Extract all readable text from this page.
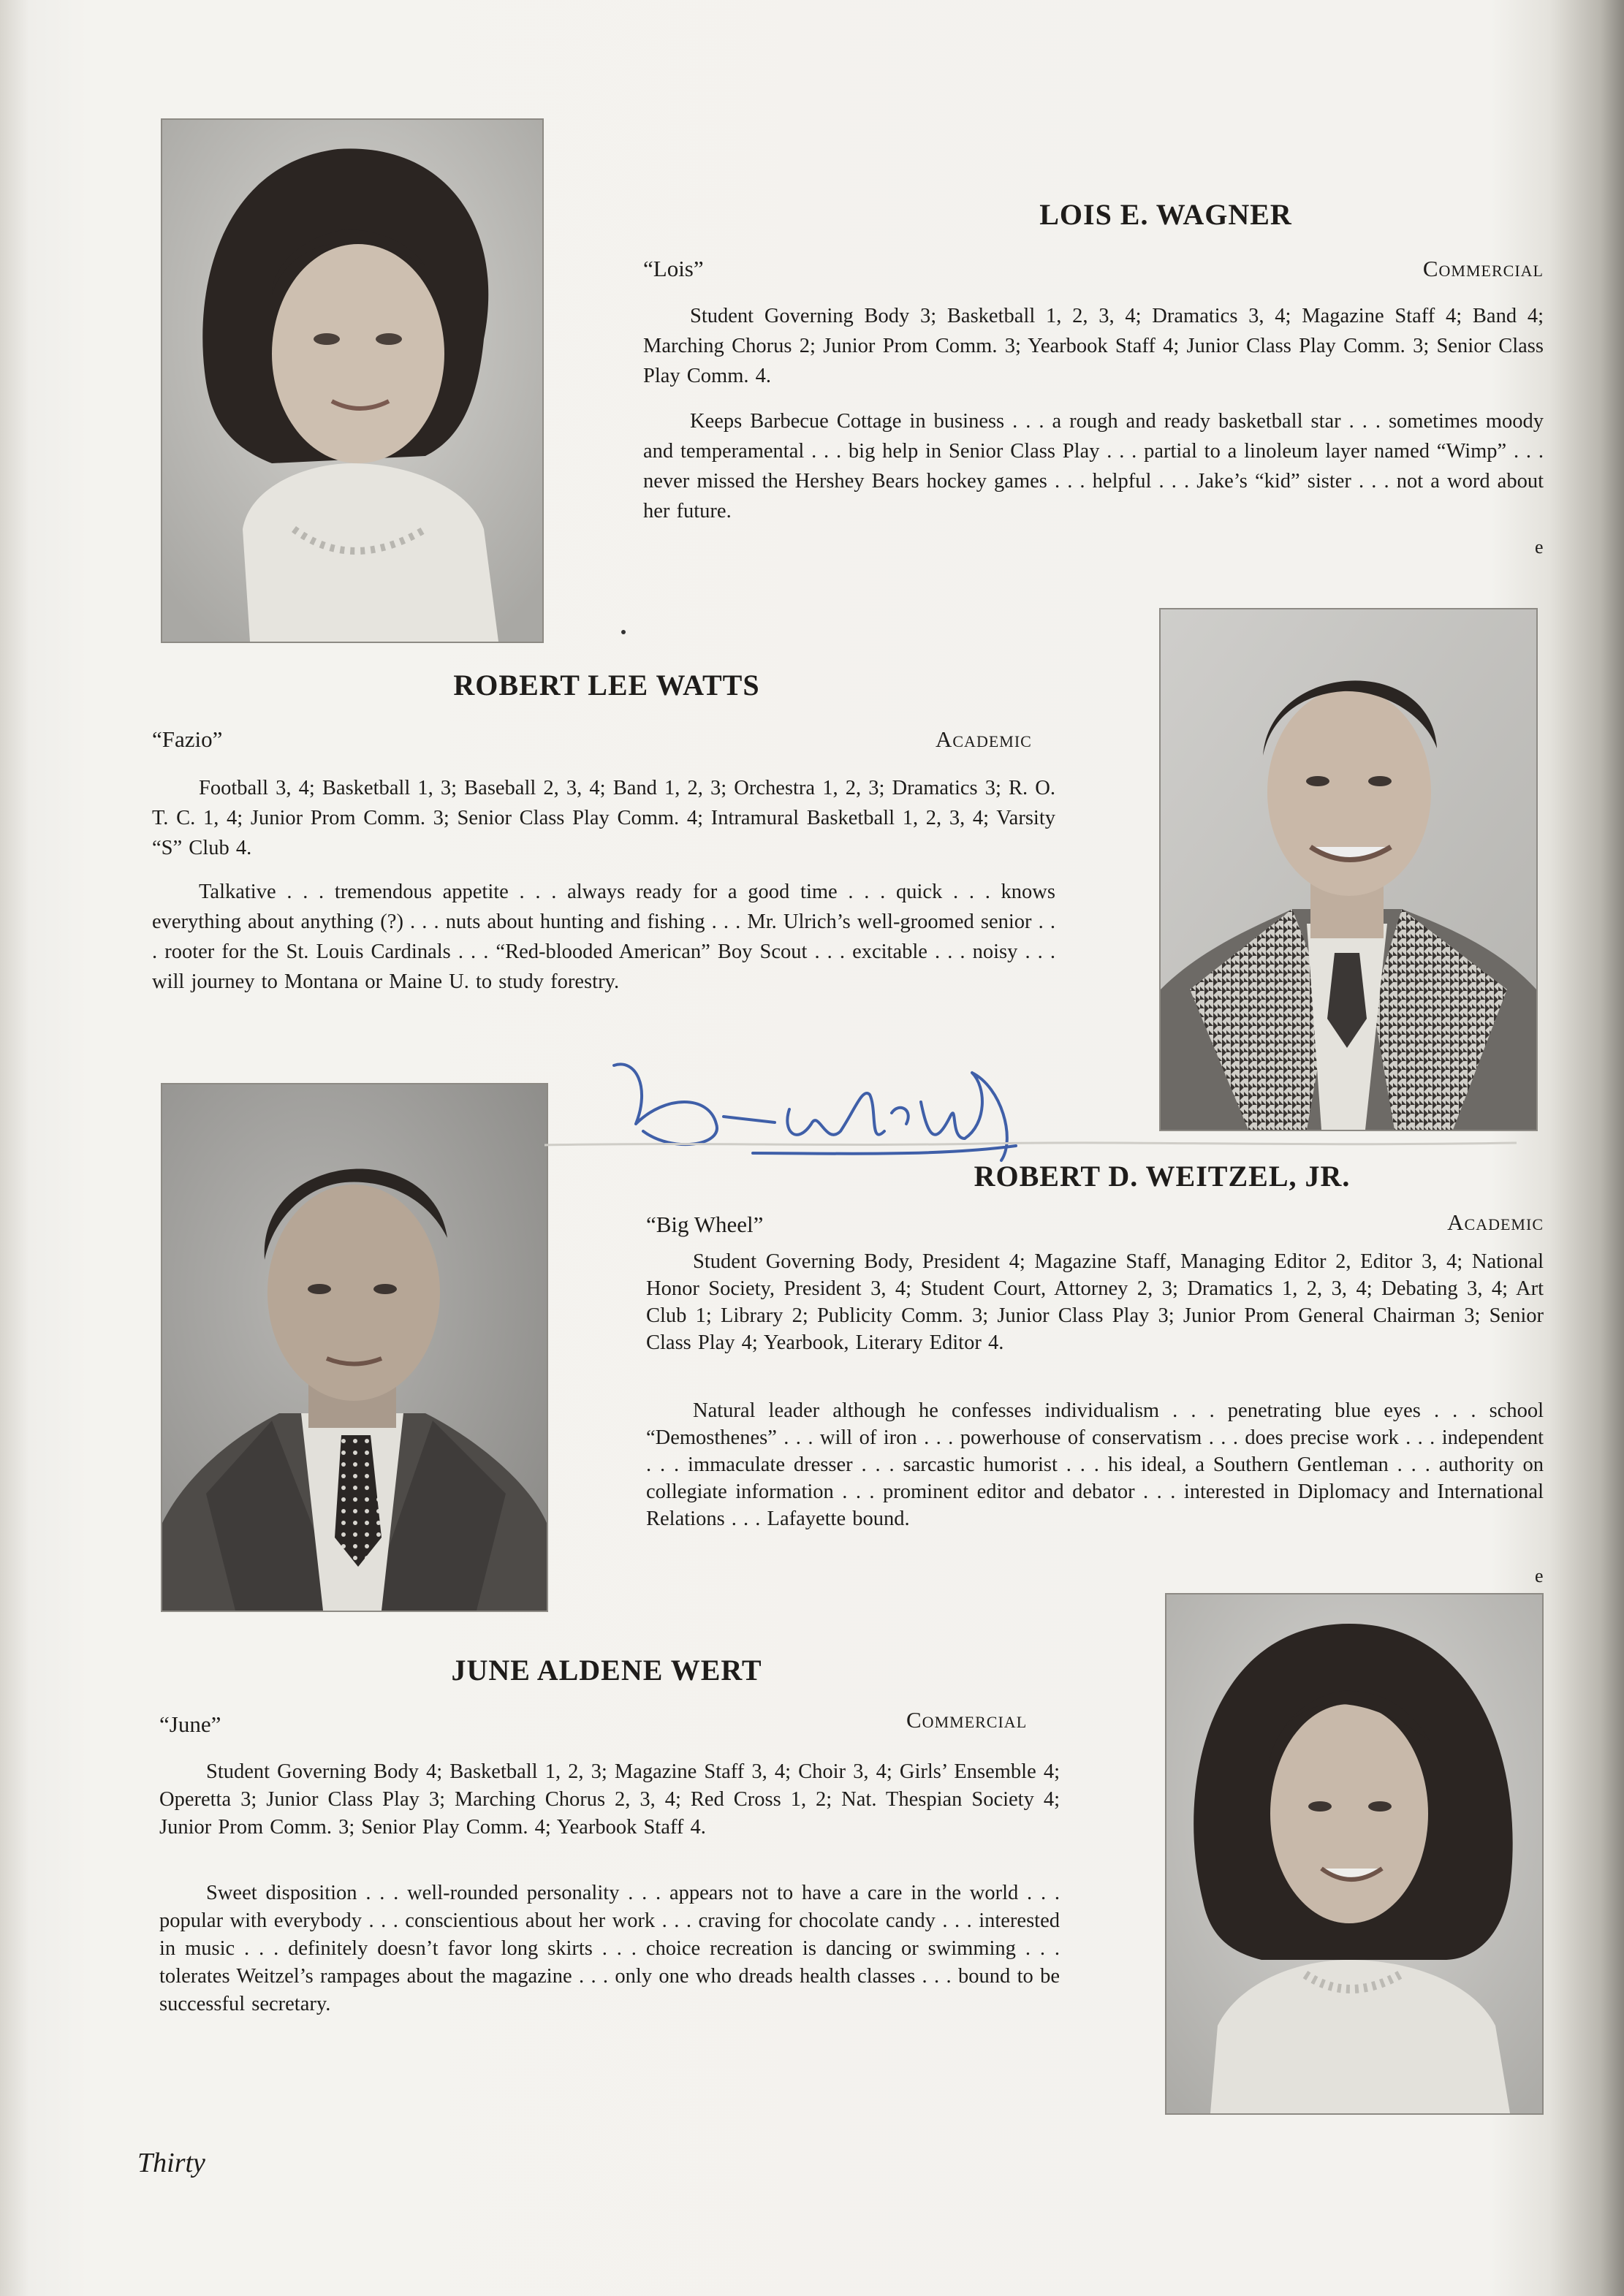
LOIS E. WAGNER
“Lois”	Commercial

Student Governing Body 3; Basketball 1, 2, 3, 4; Dramatics 3, 4; Magazine Staff 4; Band 4; Marching Chorus 2; Junior Prom Comm. 3; Yearbook Staff 4; Junior Class Play Comm. 3; Senior Class Play Comm. 4.

Keeps Barbecue Cottage in business . . . a rough and ready basketball star . . . sometimes moody and temperamental . . . big help in Senior Class Play . . . partial to a linoleum layer named “Wimp” . . . never missed the Hershey Bears hockey games . . . helpful . . . Jake’s “kid” sister . . . not a word about her future.

e
ROBERT LEE WATTS
“Fazio”	Academic

Football 3, 4; Basketball 1, 3; Baseball 2, 3, 4; Band 1, 2, 3; Orchestra 1, 2, 3; Dramatics 3; R. O. T. C. 1, 4; Junior Prom Comm. 3; Senior Class Play Comm. 4; Intramural Basketball 1, 2, 3, 4; Varsity “S” Club 4.

Talkative . . . tremendous appetite . . . always ready for a good time . . . quick . . . knows everything about anything (?) . . . nuts about hunting and fishing . . . Mr. Ulrich’s well-groomed senior . . . rooter for the St. Louis Cardinals . . . “Red-blooded American” Boy Scout . . . excitable . . . noisy . . . will journey to Montana or Maine U. to study forestry.

ROBERT D. WEITZEL, JR.
“Big Wheel”	Academic

Student Governing Body, President 4; Magazine Staff, Managing Editor 2, Editor 3, 4; National Honor Society, President 3, 4; Student Court, Attorney 2, 3; Dramatics 1, 2, 3, 4; Debating 3, 4; Art Club 1; Library 2; Publicity Comm. 3; Junior Class Play 3; Junior Prom General Chairman 3; Senior Class Play 4; Yearbook, Literary Editor 4.

Natural leader although he confesses individualism . . . penetrating blue eyes . . . school “Demosthenes” . . . will of iron . . . powerhouse of conservatism . . . does precise work . . . independent . . . immaculate dresser . . . sarcastic humorist . . . his ideal, a Southern Gentleman . . . authority on collegiate information . . . prominent editor and debator . . . interested in Diplomacy and International Relations . . . Lafayette bound.

e
JUNE ALDENE WERT
“June”	Commercial

Student Governing Body 4; Basketball 1, 2, 3; Magazine Staff 3, 4; Choir 3, 4; Girls’ Ensemble 4; Operetta 3; Junior Class Play 3; Marching Chorus 2, 3, 4; Red Cross 1, 2; Nat. Thespian Society 4; Junior Prom Comm. 3; Senior Play Comm. 4; Yearbook Staff 4.

Sweet disposition . . . well-rounded personality . . . appears not to have a care in the world . . . popular with everybody . . . conscientious about her work . . . craving for chocolate candy . . . interested in music . . . definitely doesn’t favor long skirts . . . choice recreation is dancing or swimming . . . tolerates Weitzel’s rampages about the magazine . . . only one who dreads health classes . . . bound to be successful secretary.

Thirty
